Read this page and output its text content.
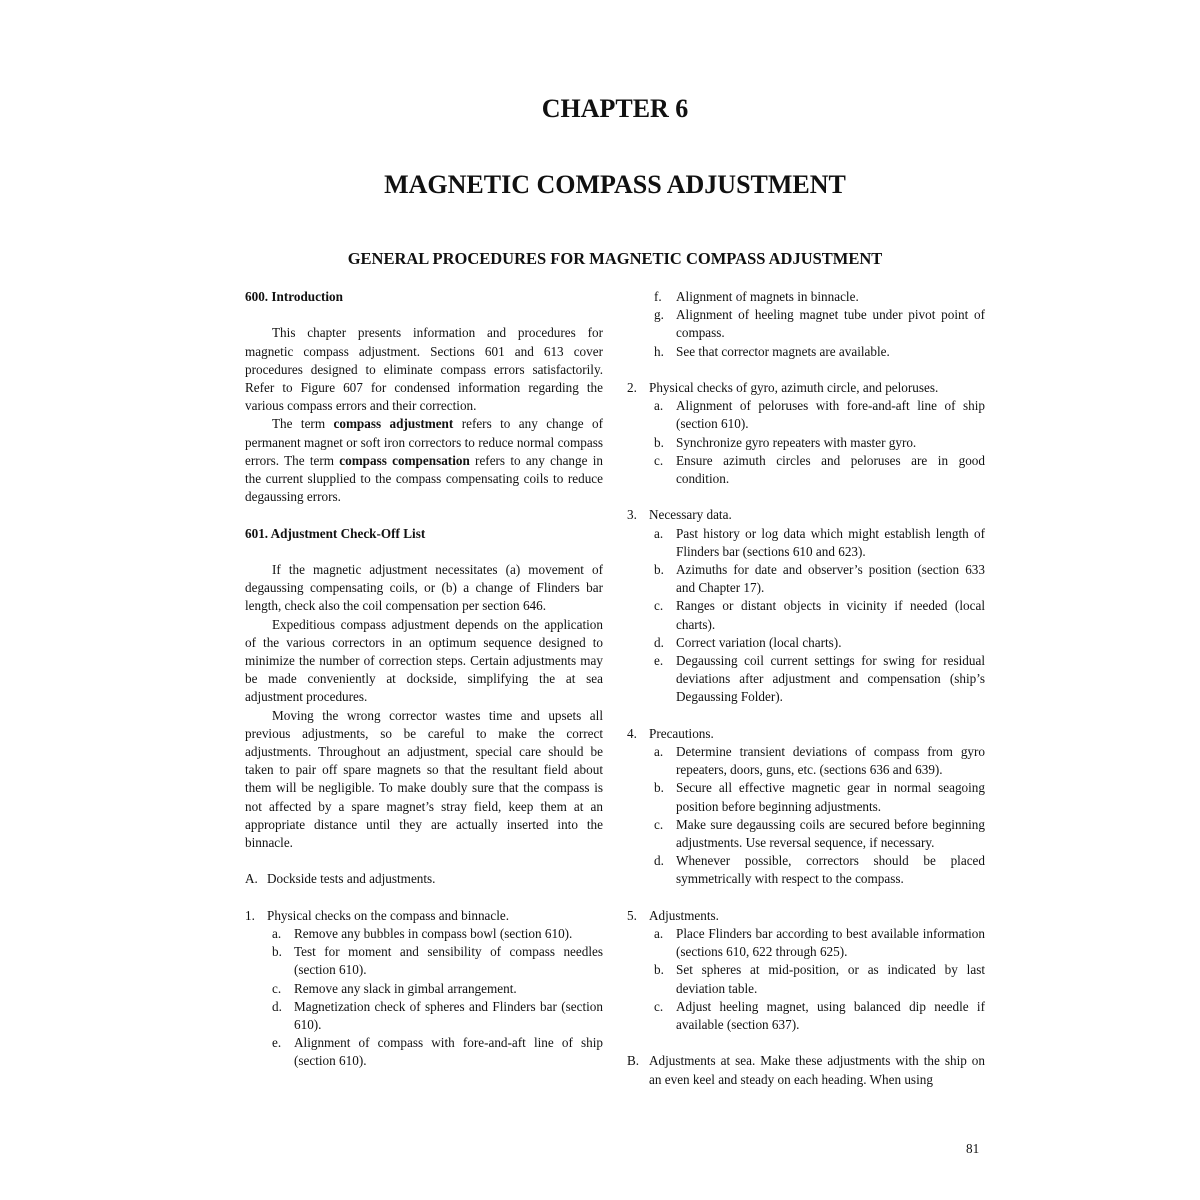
CHAPTER 6
MAGNETIC COMPASS ADJUSTMENT
GENERAL PROCEDURES FOR MAGNETIC COMPASS ADJUSTMENT
600. Introduction

This chapter presents information and procedures for magnetic compass adjustment. Sections 601 and 613 cover procedures designed to eliminate compass errors satisfactorily. Refer to Figure 607 for condensed information regarding the various compass errors and their correction.

The term compass adjustment refers to any change of permanent magnet or soft iron correctors to reduce normal compass errors. The term compass compensation refers to any change in the current slupplied to the compass compensating coils to reduce degaussing errors.

601. Adjustment Check-Off List

If the magnetic adjustment necessitates (a) movement of degaussing compensating coils, or (b) a change of Flinders bar length, check also the coil compensation per section 646.

Expeditious compass adjustment depends on the application of the various correctors in an optimum sequence designed to minimize the number of correction steps. Certain adjustments may be made conveniently at dockside, simplifying the at sea adjustment procedures.

Moving the wrong corrector wastes time and upsets all previous adjustments, so be careful to make the correct adjustments. Throughout an adjustment, special care should be taken to pair off spare magnets so that the resultant field about them will be negligible. To make doubly sure that the compass is not affected by a spare magnet’s stray field, keep them at an appropriate distance until they are actually inserted into the binnacle.

A. Dockside tests and adjustments.
1. Physical checks on the compass and binnacle.
a. Remove any bubbles in compass bowl (section 610).
b. Test for moment and sensibility of compass needles (section 610).
c. Remove any slack in gimbal arrangement.
d. Magnetization check of spheres and Flinders bar (section 610).
e. Alignment of compass with fore-and-aft line of ship (section 610).
f.	Alignment of magnets in binnacle.
g. Alignment of heeling magnet tube under pivot point of compass.
h. See that corrector magnets are available.
2. Physical checks of gyro, azimuth circle, and peloruses.
a. Alignment of peloruses with fore-and-aft line of ship (section 610).
b. Synchronize gyro repeaters with master gyro.
c. Ensure azimuth circles and peloruses are in good condition.
3. Necessary data.
a. Past history or log data which might establish length of Flinders bar (sections 610 and 623).
b. Azimuths for date and observer’s position (section 633 and Chapter 17).
c. Ranges or distant objects in vicinity if needed (local charts).
d. Correct variation (local charts).
e. Degaussing coil current settings for swing for residual deviations after adjustment and compensation (ship’s Degaussing Folder).
4. Precautions.
a. Determine transient deviations of compass from gyro repeaters, doors, guns, etc. (sections 636 and 639).
b. Secure all effective magnetic gear in normal seagoing position before beginning adjustments.
c. Make sure degaussing coils are secured before beginning adjustments. Use reversal sequence, if necessary.
d. Whenever possible, correctors should be placed symmetrically with respect to the compass.
5. Adjustments.
a. Place Flinders bar according to best available information (sections 610, 622 through 625).
b. Set spheres at mid-position, or as indicated by last deviation table.
c. Adjust heeling magnet, using balanced dip needle if available (section 637).
B. Adjustments at sea. Make these adjustments with the ship on an even keel and steady on each heading. When using

81
